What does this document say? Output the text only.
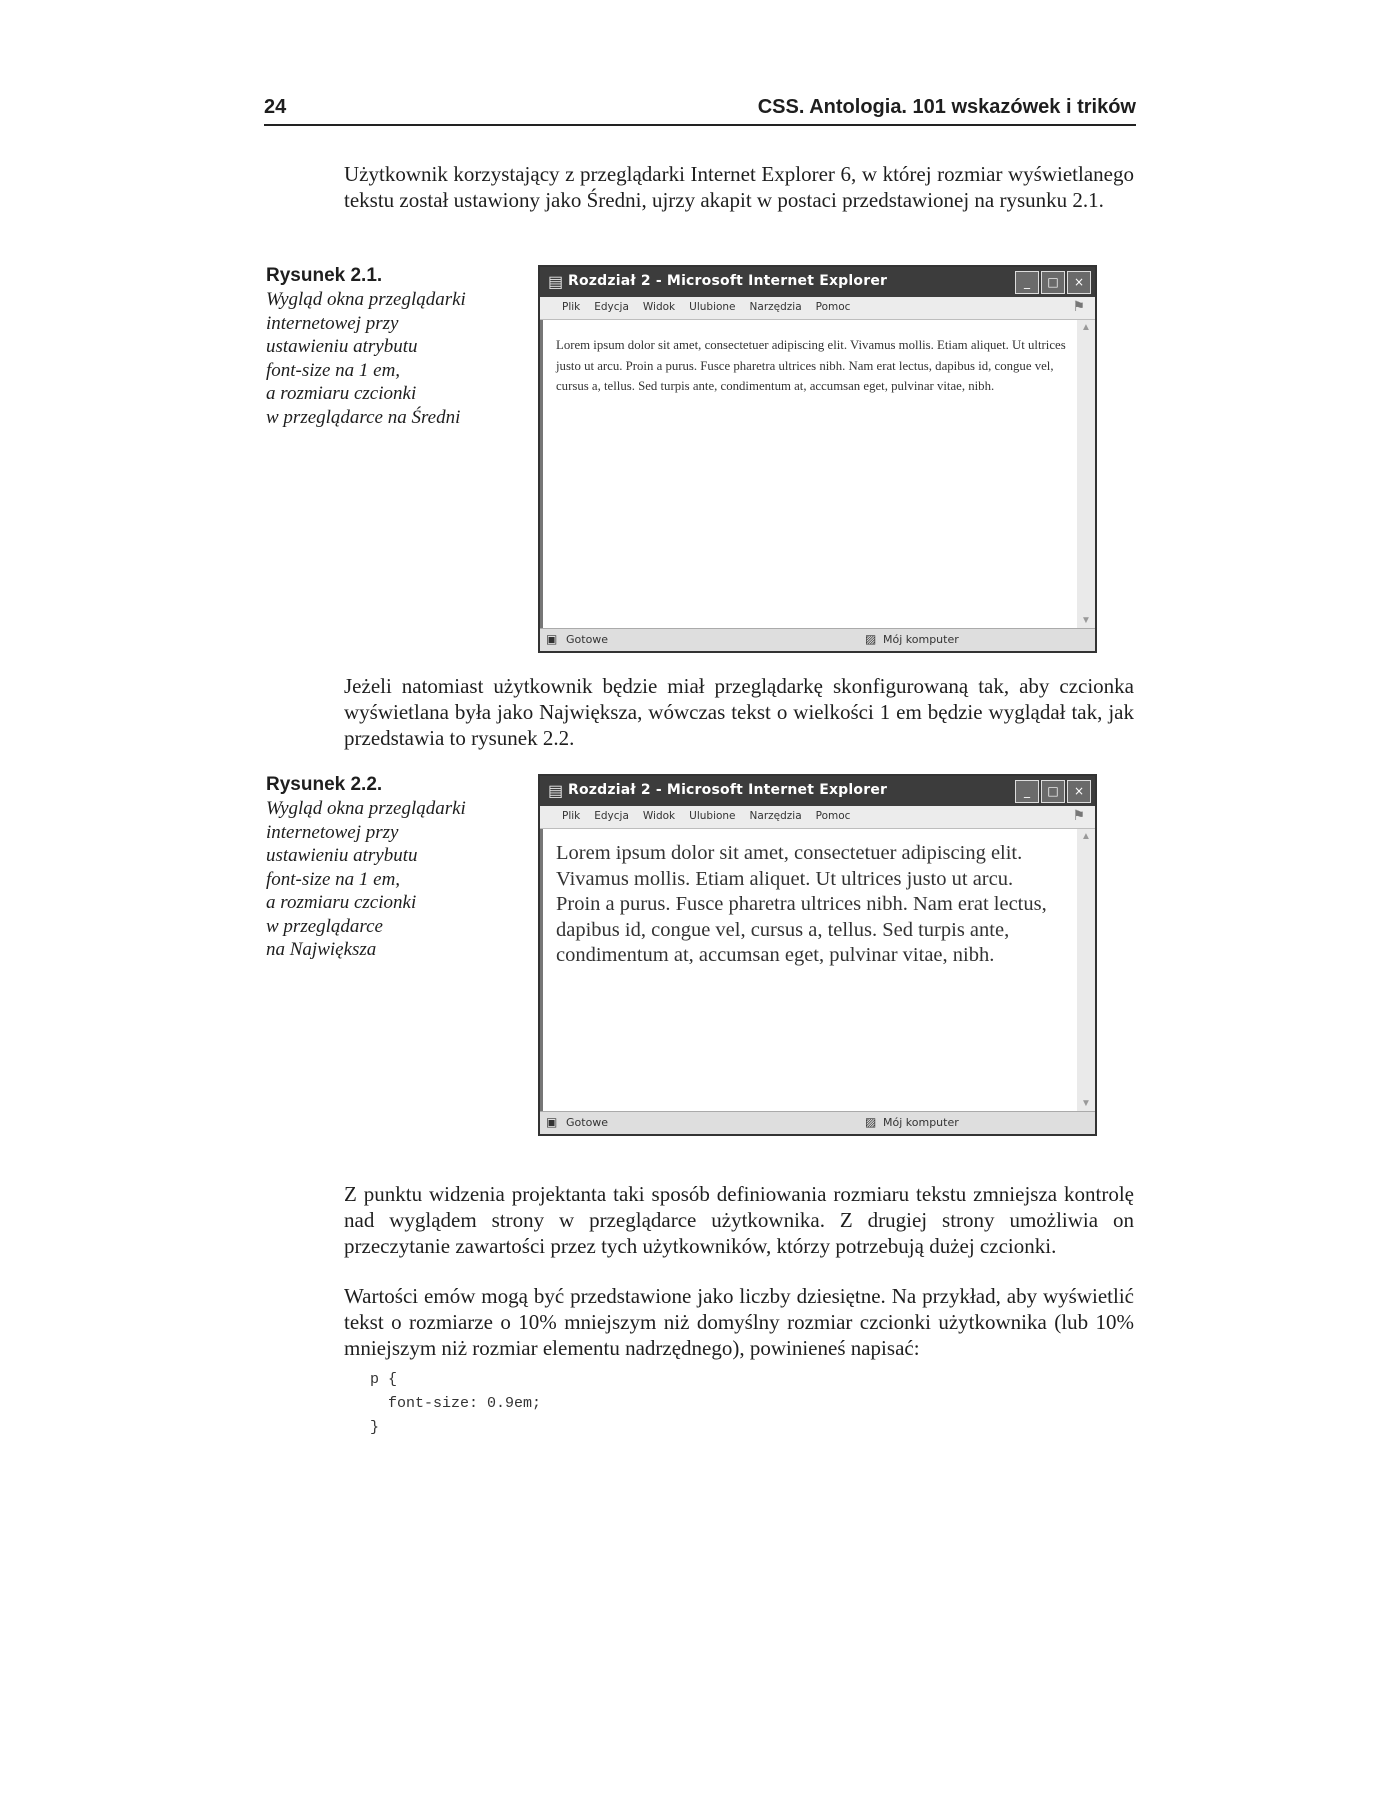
24	CSS. Antologia. 101 wskazówek i trików

Użytkownik korzystający z przeglądarki Internet Explorer 6, w której rozmiar wyświetlanego tekstu został ustawiony jako Średni, ujrzy akapit w postaci przedstawionej na rysunku 2.1.

Rysunek 2.1.

Wygląd okna przeglądarki
internetowej przy
ustawieniu atrybutu
font-size na 1 em,
a rozmiaru czcionki
w przeglądarce na Średni

▤ Rozdział 2 - Microsoft Internet Explorer	_	□	×
Plik Edycja Widok Ulubione Narzędzia Pomoc	⚑

Lorem ipsum dolor sit amet, consectetuer adipiscing elit. Vivamus mollis. Etiam aliquet. Ut ultrices justo ut arcu. Proin a purus. Fusce pharetra ultrices nibh. Nam erat lectus, dapibus id, congue vel, cursus a, tellus. Sed turpis ante, condimentum at, accumsan eget, pulvinar vitae, nibh.

▲
▼
▣ Gotowe	▨ Mój komputer

Jeżeli natomiast użytkownik będzie miał przeglądarkę skonfigurowaną tak, aby czcionka wyświetlana była jako Największa, wówczas tekst o wielkości 1 em będzie wyglądał tak, jak przedstawia to rysunek 2.2.

Rysunek 2.2.

Wygląd okna przeglądarki
internetowej przy
ustawieniu atrybutu
font-size na 1 em,
a rozmiaru czcionki
w przeglądarce
na Największa

▤ Rozdział 2 - Microsoft Internet Explorer	_	□	×
Plik Edycja Widok Ulubione Narzędzia Pomoc	⚑

Lorem ipsum dolor sit amet, consectetuer adipiscing elit. Vivamus mollis. Etiam aliquet. Ut ultrices justo ut arcu. Proin a purus. Fusce pharetra ultrices nibh. Nam erat lectus, dapibus id, congue vel, cursus a, tellus. Sed turpis ante, condimentum at, accumsan eget, pulvinar vitae, nibh.

▲
▼
▣ Gotowe	▨ Mój komputer

Z punktu widzenia projektanta taki sposób definiowania rozmiaru tekstu zmniejsza kontrolę nad wyglądem strony w przeglądarce użytkownika. Z drugiej strony umożliwia on przeczytanie zawartości przez tych użytkowników, którzy potrzebują dużej czcionki.

Wartości emów mogą być przedstawione jako liczby dziesiętne. Na przykład, aby wyświetlić tekst o rozmiarze o 10% mniejszym niż domyślny rozmiar czcionki użytkownika (lub 10% mniejszym niż rozmiar elementu nadrzędnego), powinieneś napisać:

p {
font-size: 0.9em;
}
